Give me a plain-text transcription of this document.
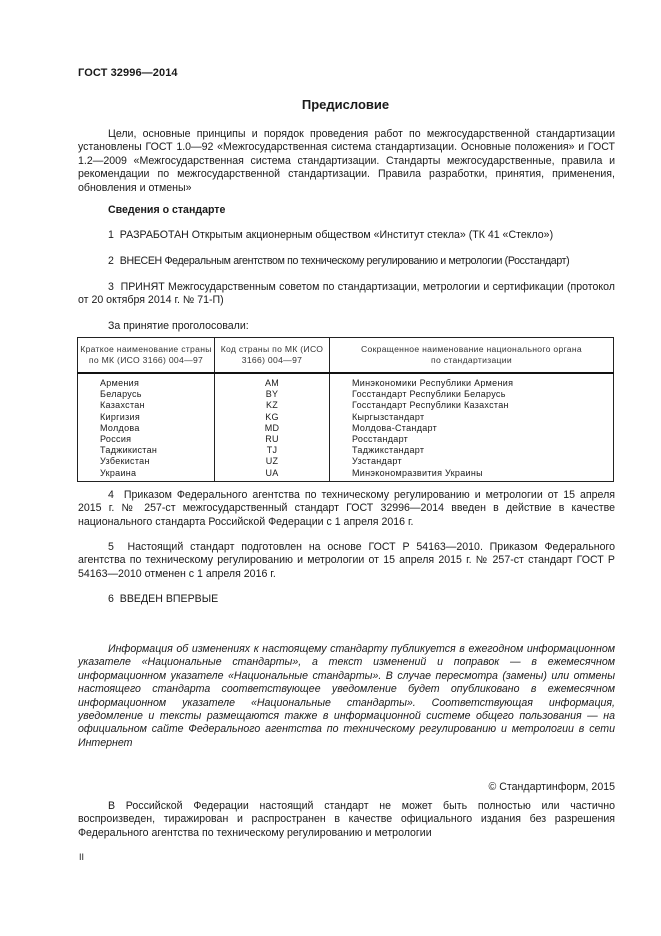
ГОСТ 32996—2014
Предисловие
Цели, основные принципы и порядок проведения работ по межгосударственной стандартизации установлены ГОСТ 1.0—92 «Межгосударственная система стандартизации. Основные положения» и ГОСТ 1.2—2009 «Межгосударственная система стандартизации. Стандарты межгосударственные, правила и рекомендации по межгосударственной стандартизации. Правила разработки, принятия, применения, обновления и отмены»
Сведения о стандарте
1 РАЗРАБОТАН Открытым акционерным обществом «Институт стекла» (ТК 41 «Стекло»)
2 ВНЕСЕН Федеральным агентством по техническому регулированию и метрологии (Росстандарт)
3 ПРИНЯТ Межгосударственным советом по стандартизации, метрологии и сертификации (протокол от 20 октября 2014 г. № 71-П)
За принятие проголосовали:
Краткое наименование страны по МК (ИСО 3166) 004—97	Код страны по МК (ИСО 3166) 004—97	Сокращенное наименование национального органа по стандартизации
Армения	AM	Минэкономики Республики Армения
Беларусь	BY	Госстандарт Республики Беларусь
Казахстан	KZ	Госстандарт Республики Казахстан
Киргизия	KG	Кыргызстандарт
Молдова	MD	Молдова-Стандарт
Россия	RU	Росстандарт
Таджикистан	TJ	Таджикстандарт
Узбекистан	UZ	Узстандарт
Украина	UA	Минэкономразвития Украины
4 Приказом Федерального агентства по техническому регулированию и метрологии от 15 апреля 2015 г. № 257-ст межгосударственный стандарт ГОСТ 32996—2014 введен в действие в качестве национального стандарта Российской Федерации с 1 апреля 2016 г.
5 Настоящий стандарт подготовлен на основе ГОСТ Р 54163—2010. Приказом Федерального агентства по техническому регулированию и метрологии от 15 апреля 2015 г. № 257-ст стандарт ГОСТ Р 54163—2010 отменен с 1 апреля 2016 г.
6 ВВЕДЕН ВПЕРВЫЕ
Информация об изменениях к настоящему стандарту публикуется в ежегодном информационном указателе «Национальные стандарты», а текст изменений и поправок — в ежемесячном информационном указателе «Национальные стандарты». В случае пересмотра (замены) или отмены настоящего стандарта соответствующее уведомление будет опубликовано в ежемесячном информационном указателе «Национальные стандарты». Соответствующая информация, уведомление и тексты размещаются также в информационной системе общего пользования — на официальном сайте Федерального агентства по техническому регулированию и метрологии в сети Интернет
© Стандартинформ, 2015
В Российской Федерации настоящий стандарт не может быть полностью или частично воспроизведен, тиражирован и распространен в качестве официального издания без разрешения Федерального агентства по техническому регулированию и метрологии
II
